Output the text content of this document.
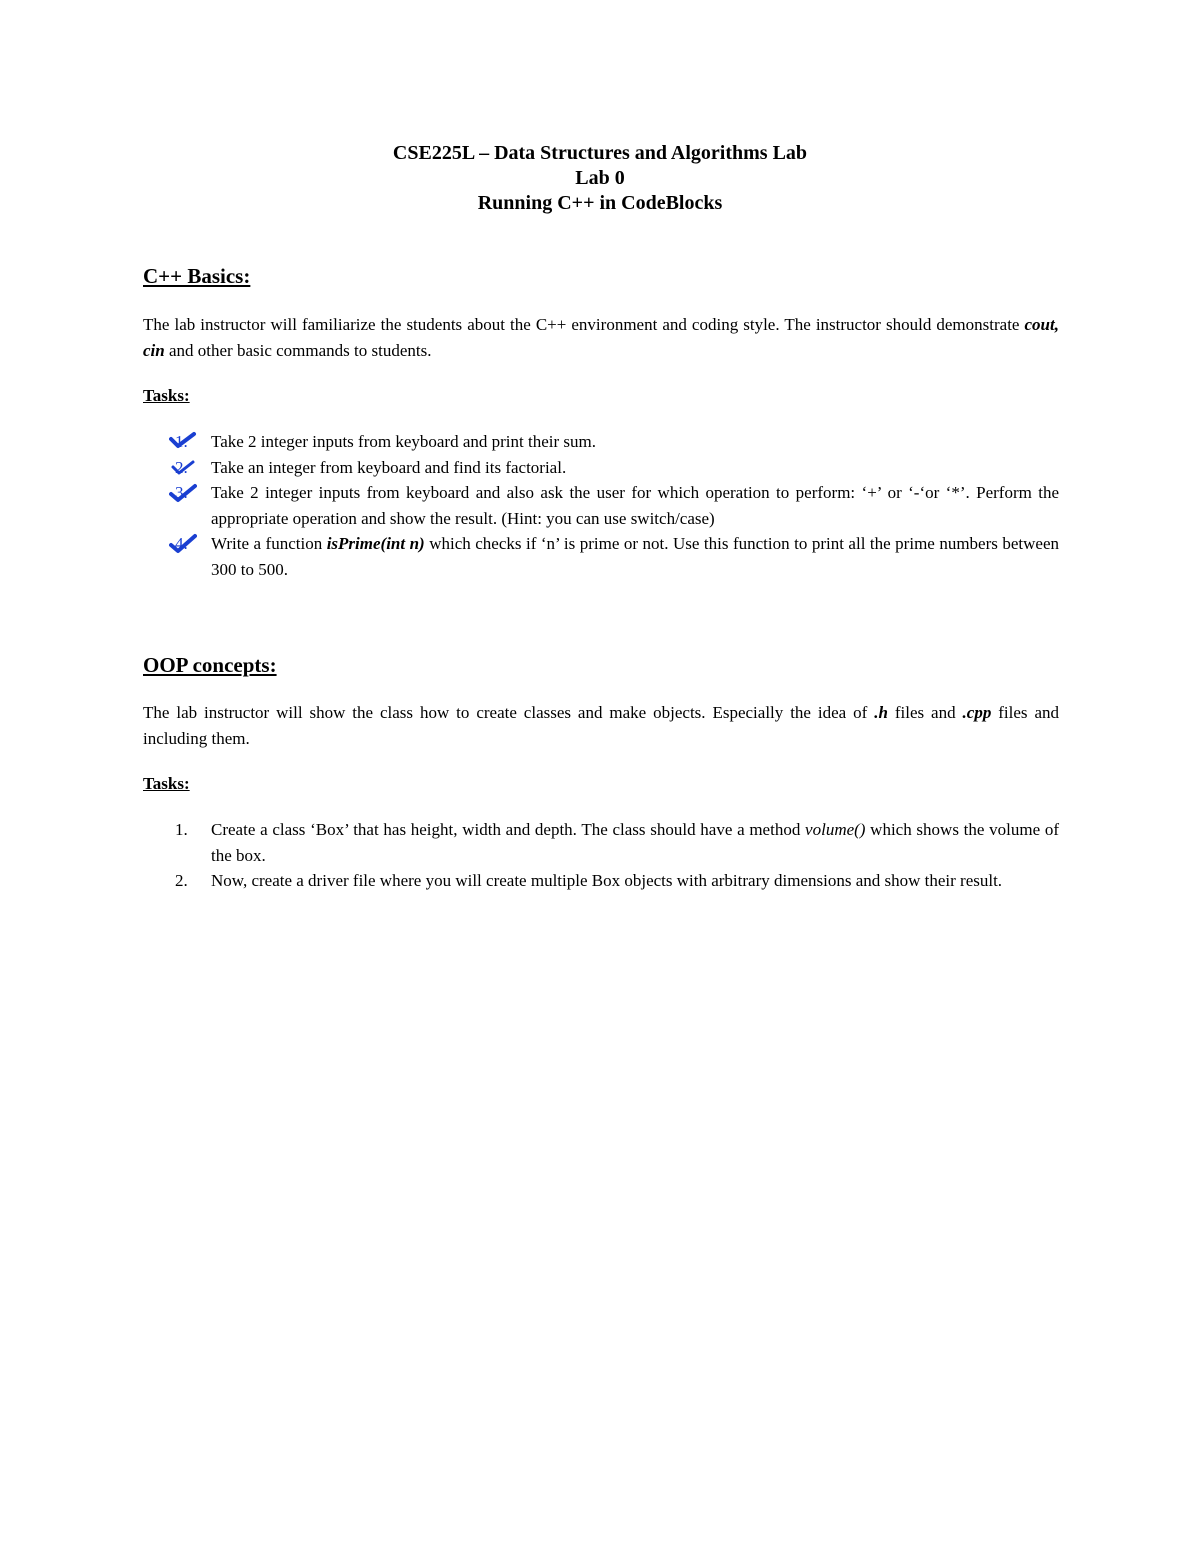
CSE225L – Data Structures and Algorithms Lab
Lab 0
Running C++ in CodeBlocks
C++ Basics:
The lab instructor will familiarize the students about the C++ environment and coding style. The instructor should demonstrate cout, cin and other basic commands to students.
Tasks:
1.	Take 2 integer inputs from keyboard and print their sum.
2.	Take an integer from keyboard and find its factorial.
3.	Take 2 integer inputs from keyboard and also ask the user for which operation to perform: ‘+’ or ‘-‘or ‘*’. Perform the appropriate operation and show the result. (Hint: you can use switch/case)
4.	Write a function isPrime(int n) which checks if ‘n’ is prime or not. Use this function to print all the prime numbers between 300 to 500.
OOP concepts:
The lab instructor will show the class how to create classes and make objects. Especially the idea of .h files and .cpp files and including them.
Tasks:
1.	Create a class ‘Box’ that has height, width and depth. The class should have a method volume() which shows the volume of the box.
2.	Now, create a driver file where you will create multiple Box objects with arbitrary dimensions and show their result.
